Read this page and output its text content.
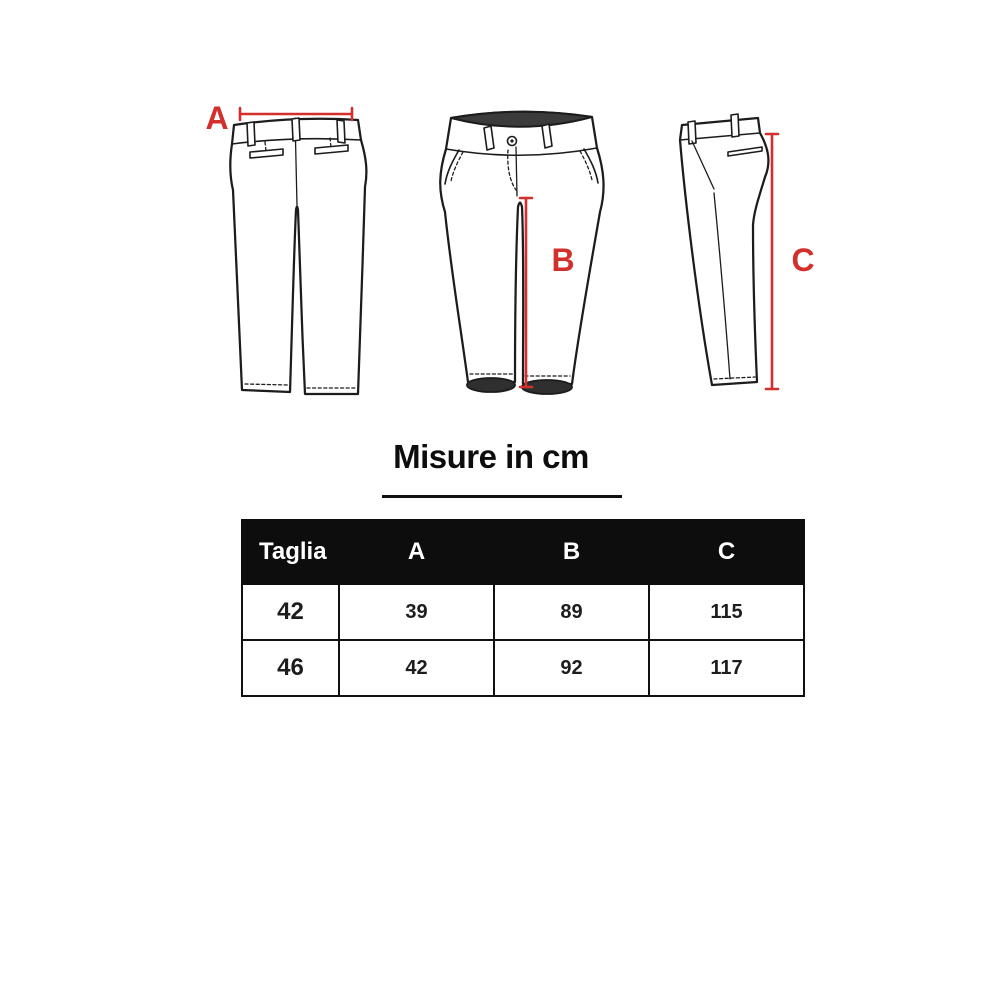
A
B	C
Misure in cm
Taglia	A	B	C
42	39	89	115
46	42	92	117
